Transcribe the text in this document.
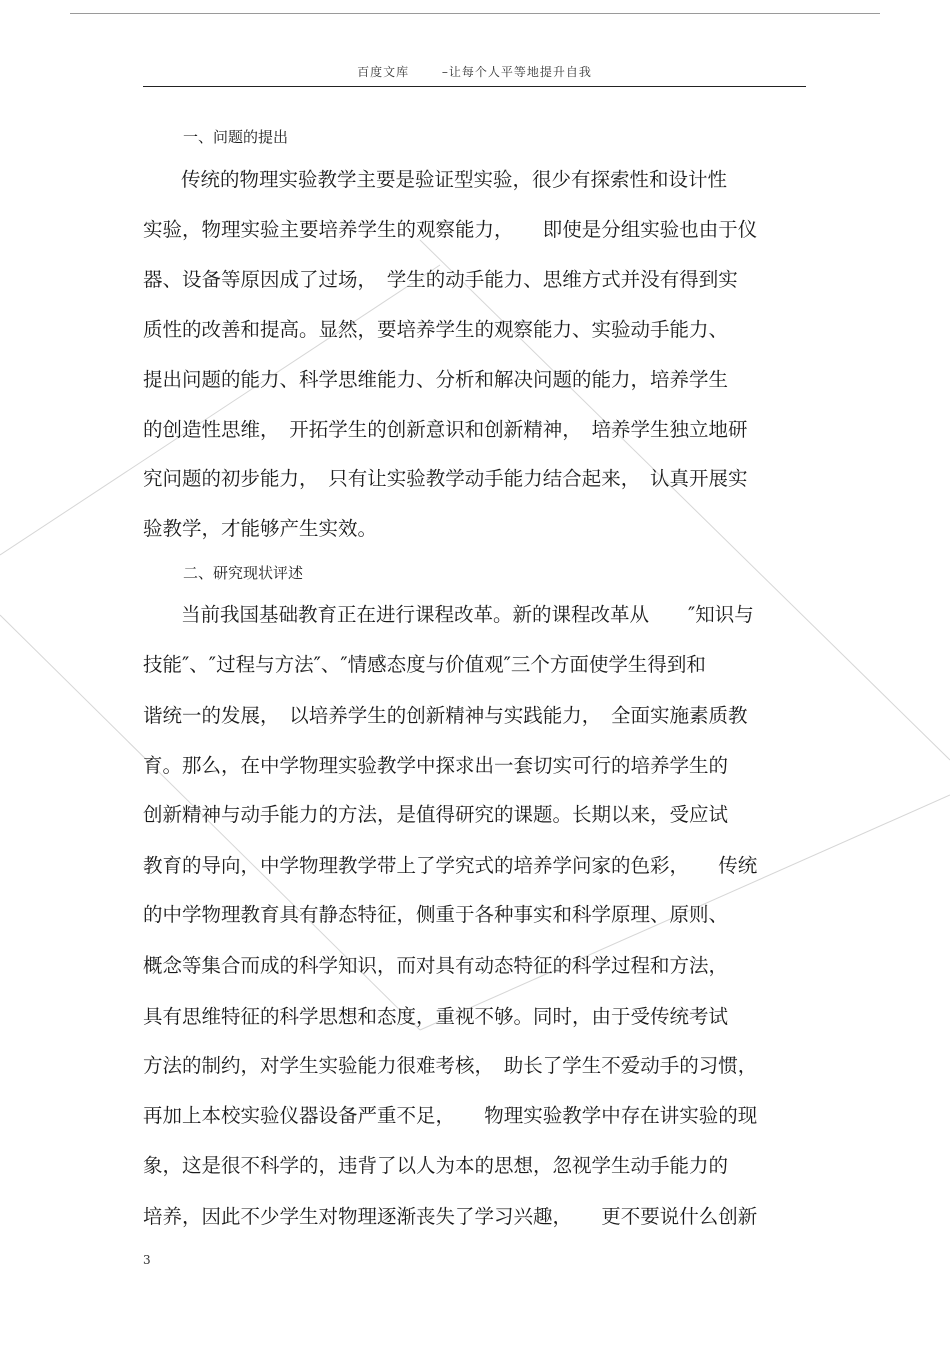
百度文库	–让每个人平等地提升自我
一、问题的提出
传统的物理实验教学主要是验证型实验，很少有探索性和设计性
实验，物理实验主要培养学生的观察能力，　　即使是分组实验也由于仪
器、设备等原因成了过场，　学生的动手能力、思维方式并没有得到实
质性的改善和提高。显然，要培养学生的观察能力、实验动手能力、
提出问题的能力、科学思维能力、分析和解决问题的能力，培养学生
的创造性思维，　开拓学生的创新意识和创新精神，　培养学生独立地研
究问题的初步能力，　只有让实验教学动手能力结合起来，　认真开展实
验教学，才能够产生实效。
二、研究现状评述
当前我国基础教育正在进行课程改革。新的课程改革从　　″知识与
技能″、″过程与方法″、″情感态度与价值观″三个方面使学生得到和
谐统一的发展，　以培养学生的创新精神与实践能力，　全面实施素质教
育。那么，在中学物理实验教学中探求出一套切实可行的培养学生的
创新精神与动手能力的方法，是值得研究的课题。长期以来，受应试
教育的导向，中学物理教学带上了学究式的培养学问家的色彩，　　传统
的中学物理教育具有静态特征，侧重于各种事实和科学原理、原则、
概念等集合而成的科学知识，而对具有动态特征的科学过程和方法，
具有思维特征的科学思想和态度，重视不够。同时，由于受传统考试
方法的制约，对学生实验能力很难考核，　助长了学生不爱动手的习惯，
再加上本校实验仪器设备严重不足，　　物理实验教学中存在讲实验的现
象，这是很不科学的，违背了以人为本的思想，忽视学生动手能力的
培养，因此不少学生对物理逐渐丧失了学习兴趣，　　更不要说什么创新
3
